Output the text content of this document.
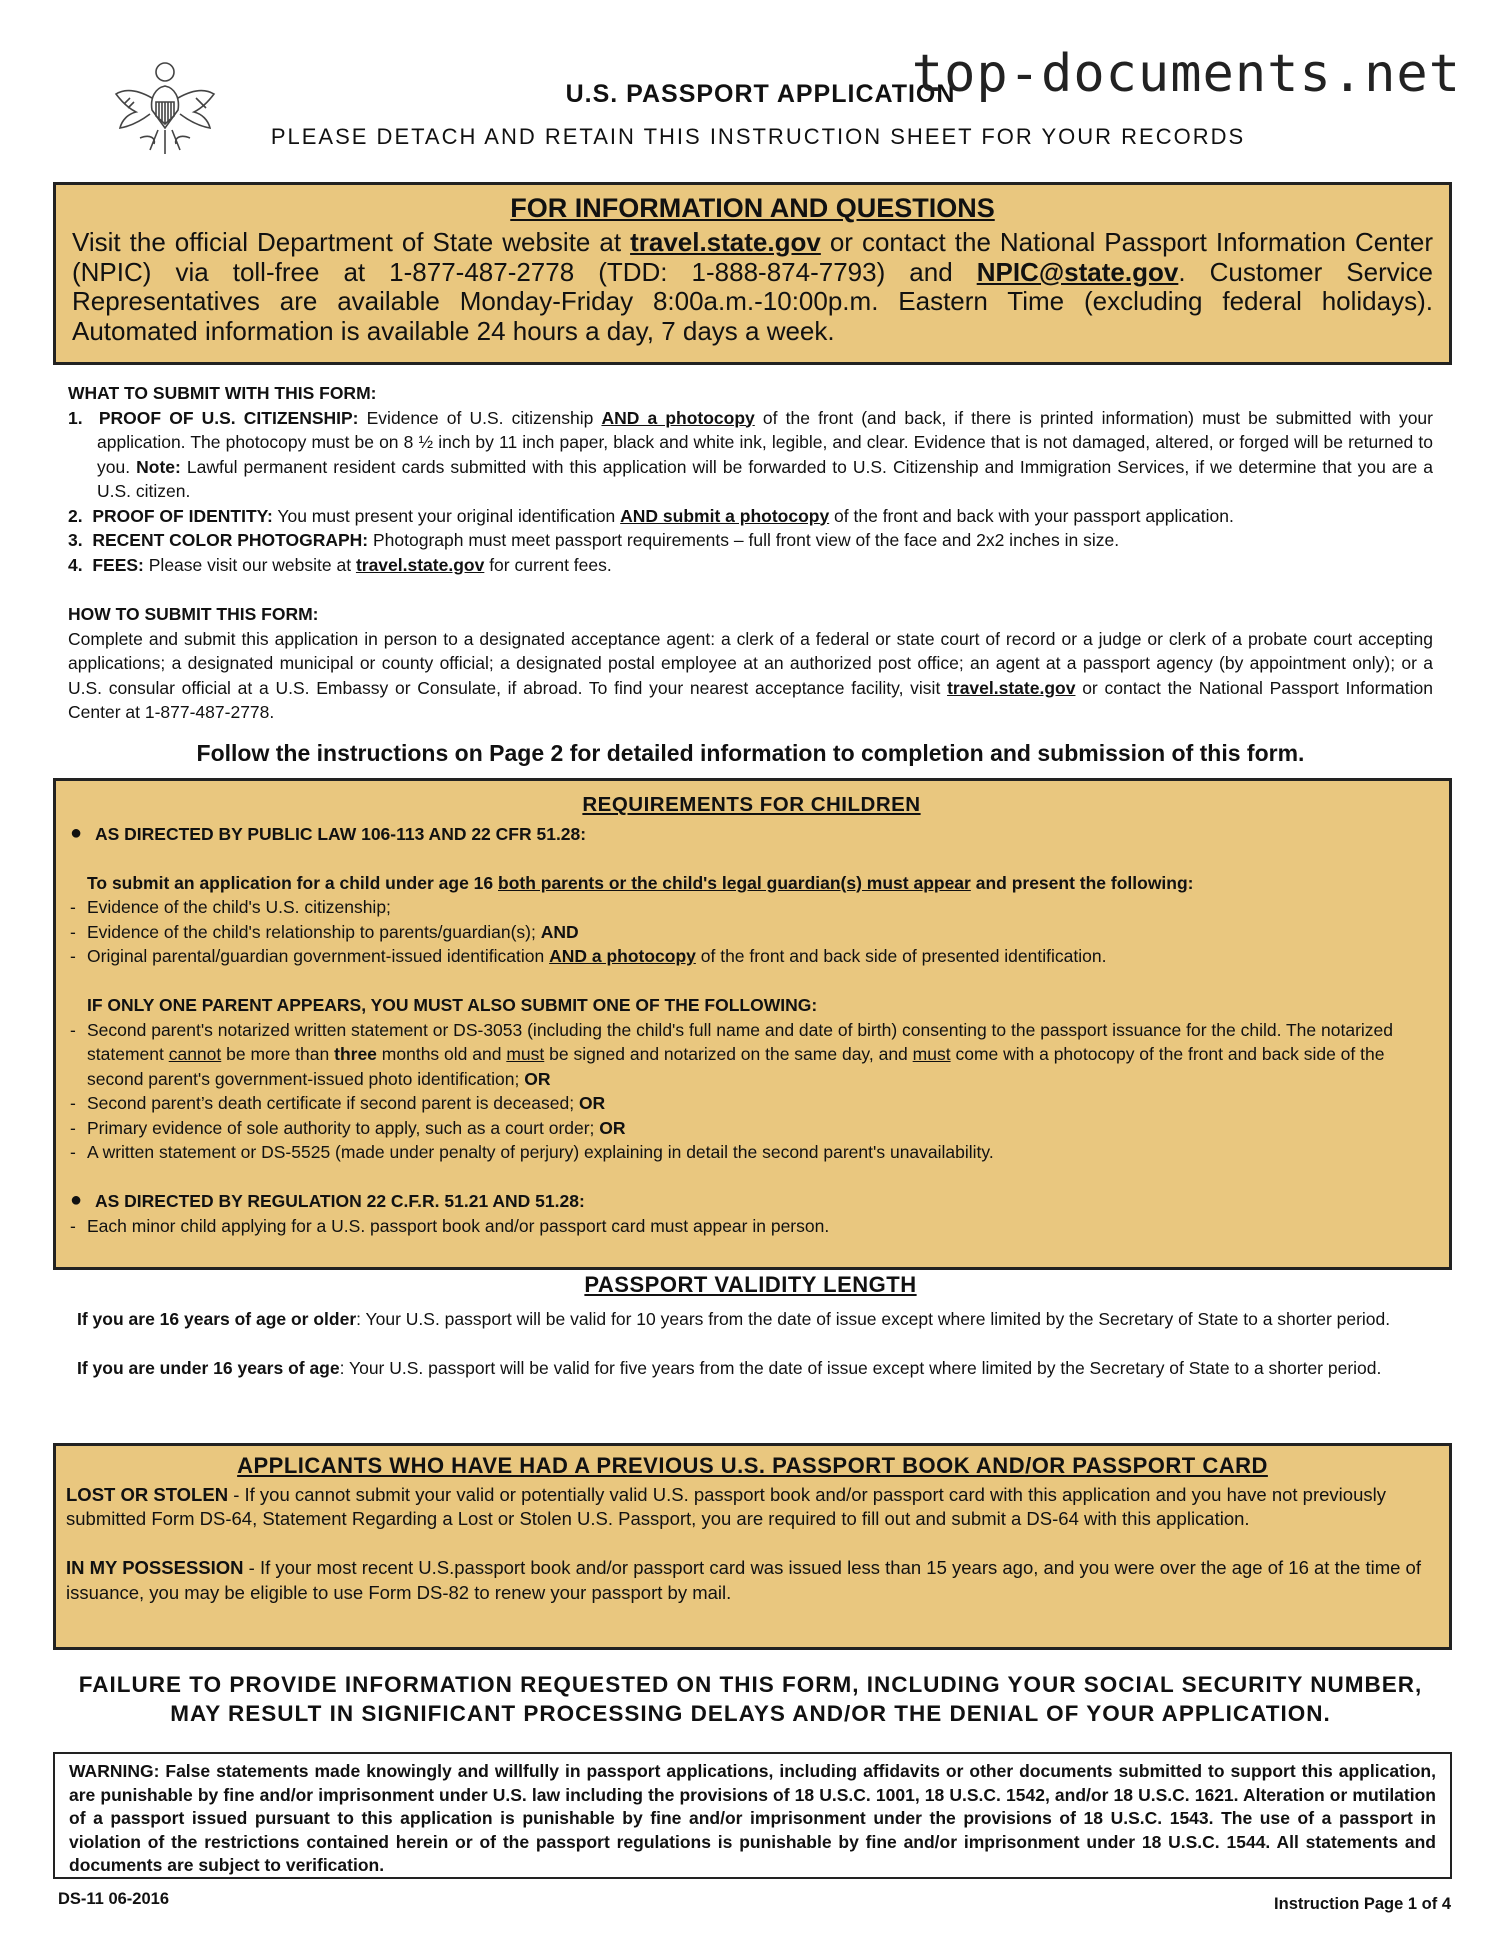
U.S. PASSPORT APPLICATION
top-documents.net
PLEASE DETACH AND RETAIN THIS INSTRUCTION SHEET FOR YOUR RECORDS
FOR INFORMATION AND QUESTIONS

Visit the official Department of State website at travel.state.gov or contact the National Passport Information Center (NPIC) via toll-free at 1-877-487-2778 (TDD: 1-888-874-7793) and NPIC@state.gov. Customer Service Representatives are available Monday-Friday 8:00a.m.-10:00p.m. Eastern Time (excluding federal holidays). Automated information is available 24 hours a day, 7 days a week.

WHAT TO SUBMIT WITH THIS FORM:
1. PROOF OF U.S. CITIZENSHIP: Evidence of U.S. citizenship AND a photocopy of the front (and back, if there is printed information) must be submitted with your application. The photocopy must be on 8 ½ inch by 11 inch paper, black and white ink, legible, and clear. Evidence that is not damaged, altered, or forged will be returned to you. Note: Lawful permanent resident cards submitted with this application will be forwarded to U.S. Citizenship and Immigration Services, if we determine that you are a U.S. citizen.
2. PROOF OF IDENTITY: You must present your original identification AND submit a photocopy of the front and back with your passport application.
3. RECENT COLOR PHOTOGRAPH: Photograph must meet passport requirements – full front view of the face and 2x2 inches in size.
4. FEES: Please visit our website at travel.state.gov for current fees.
HOW TO SUBMIT THIS FORM:

Complete and submit this application in person to a designated acceptance agent: a clerk of a federal or state court of record or a judge or clerk of a probate court accepting applications; a designated municipal or county official; a designated postal employee at an authorized post office; an agent at a passport agency (by appointment only); or a U.S. consular official at a U.S. Embassy or Consulate, if abroad. To find your nearest acceptance facility, visit travel.state.gov or contact the National Passport Information Center at 1-877-487-2778.

Follow the instructions on Page 2 for detailed information to completion and submission of this form.
REQUIREMENTS FOR CHILDREN
● AS DIRECTED BY PUBLIC LAW 106-113 AND 22 CFR 51.28:
To submit an application for a child under age 16 both parents or the child's legal guardian(s) must appear and present the following:
- Evidence of the child's U.S. citizenship;
- Evidence of the child's relationship to parents/guardian(s); AND
- Original parental/guardian government-issued identification AND a photocopy of the front and back side of presented identification.
IF ONLY ONE PARENT APPEARS, YOU MUST ALSO SUBMIT ONE OF THE FOLLOWING:
- Second parent's notarized written statement or DS-3053 (including the child's full name and date of birth) consenting to the passport issuance for the child. The notarized statement cannot be more than three months old and must be signed and notarized on the same day, and must come with a photocopy of the front and back side of the second parent's government-issued photo identification; OR
- Second parent’s death certificate if second parent is deceased; OR
- Primary evidence of sole authority to apply, such as a court order; OR
- A written statement or DS-5525 (made under penalty of perjury) explaining in detail the second parent's unavailability.
● AS DIRECTED BY REGULATION 22 C.F.R. 51.21 AND 51.28:
- Each minor child applying for a U.S. passport book and/or passport card must appear in person.
PASSPORT VALIDITY LENGTH

If you are 16 years of age or older: Your U.S. passport will be valid for 10 years from the date of issue except where limited by the Secretary of State to a shorter period.

If you are under 16 years of age: Your U.S. passport will be valid for five years from the date of issue except where limited by the Secretary of State to a shorter period.

APPLICANTS WHO HAVE HAD A PREVIOUS U.S. PASSPORT BOOK AND/OR PASSPORT CARD

LOST OR STOLEN - If you cannot submit your valid or potentially valid U.S. passport book and/or passport card with this application and you have not previously submitted Form DS-64, Statement Regarding a Lost or Stolen U.S. Passport, you are required to fill out and submit a DS-64 with this application.

IN MY POSSESSION - If your most recent U.S.passport book and/or passport card was issued less than 15 years ago, and you were over the age of 16 at the time of issuance, you may be eligible to use Form DS-82 to renew your passport by mail.

FAILURE TO PROVIDE INFORMATION REQUESTED ON THIS FORM, INCLUDING YOUR SOCIAL SECURITY NUMBER,
MAY RESULT IN SIGNIFICANT PROCESSING DELAYS AND/OR THE DENIAL OF YOUR APPLICATION.
WARNING: False statements made knowingly and willfully in passport applications, including affidavits or other documents submitted to support this application, are punishable by fine and/or imprisonment under U.S. law including the provisions of 18 U.S.C. 1001, 18 U.S.C. 1542, and/or 18 U.S.C. 1621. Alteration or mutilation of a passport issued pursuant to this application is punishable by fine and/or imprisonment under the provisions of 18 U.S.C. 1543. The use of a passport in violation of the restrictions contained herein or of the passport regulations is punishable by fine and/or imprisonment under 18 U.S.C. 1544. All statements and documents are subject to verification.
DS-11 06-2016	Instruction Page 1 of 4
